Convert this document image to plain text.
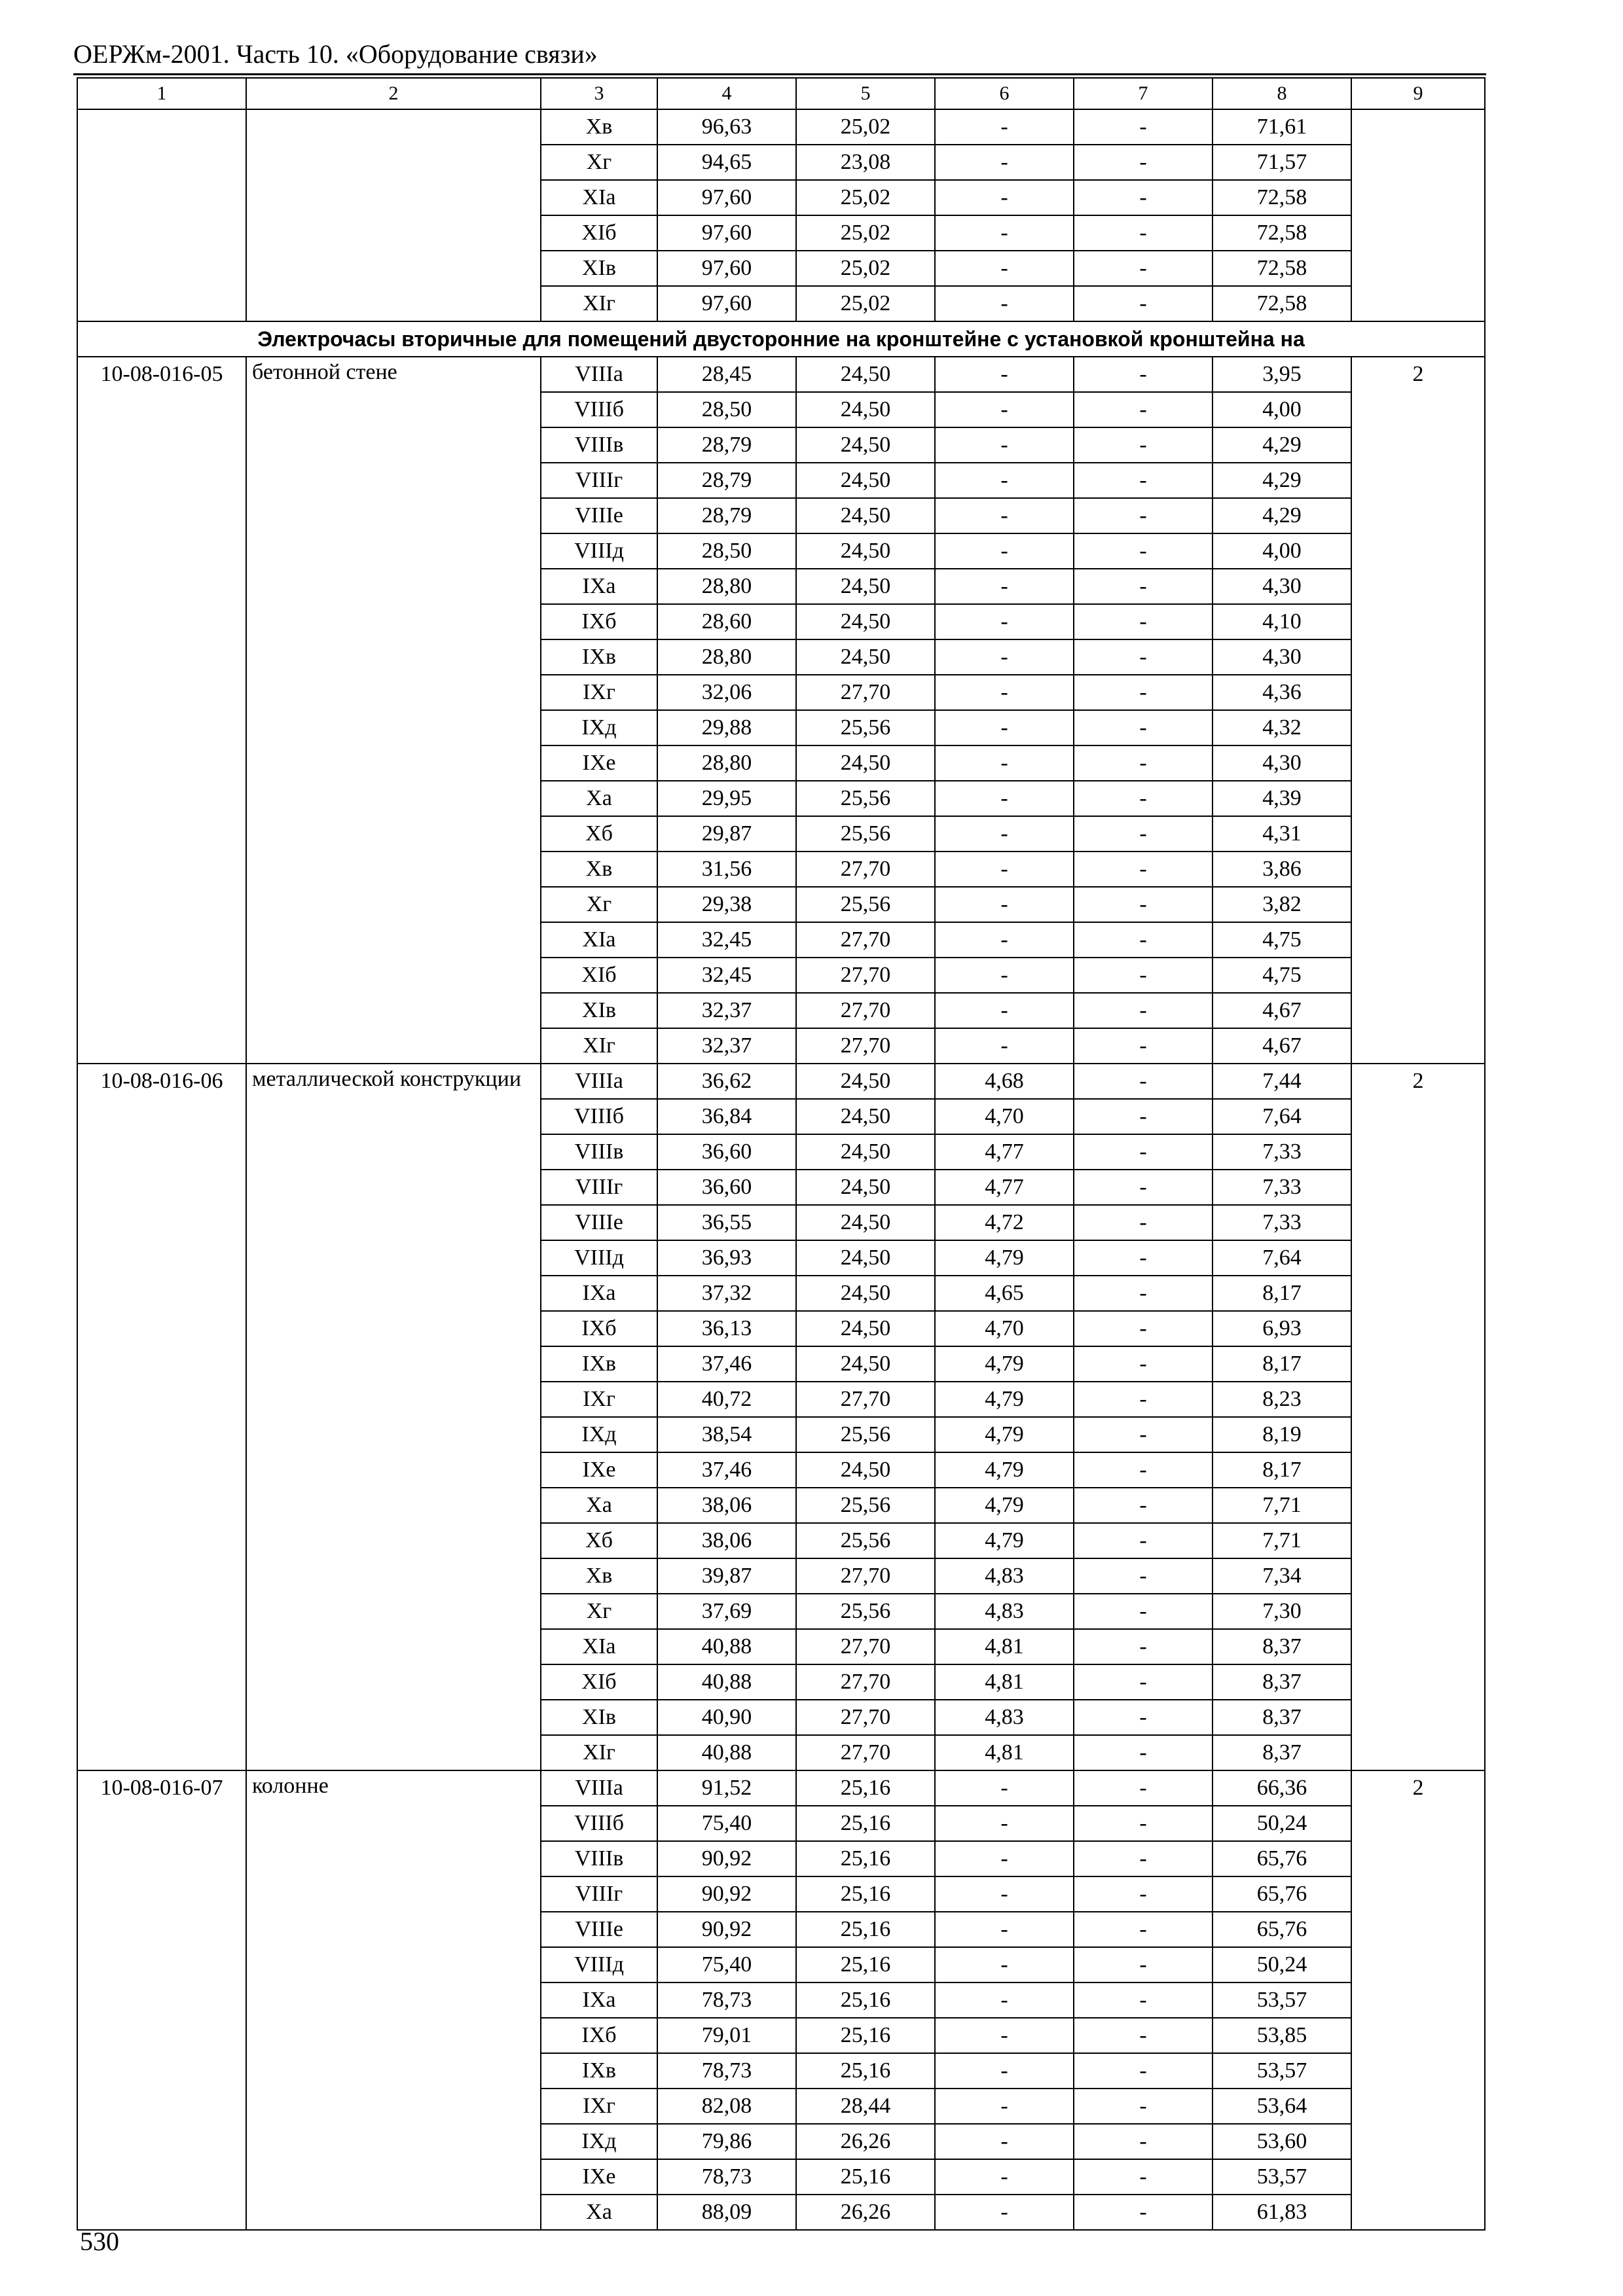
ОЕРЖм-2001. Часть 10. «Оборудование связи»
1	2	3	4	5	6	7	8	9
		Хв	96,63	25,02	-	-	71,61	
		Хг	94,65	23,08	-	-	71,57	
		ХIа	97,60	25,02	-	-	72,58	
		ХIб	97,60	25,02	-	-	72,58	
		ХIв	97,60	25,02	-	-	72,58	
		ХIг	97,60	25,02	-	-	72,58	
Электрочасы вторичные для помещений двусторонние на кронштейне с установкой кронштейна на								
10-08-016-05	бетонной стене	VIIIа	28,45	24,50	-	-	3,95	2
		VIIIб	28,50	24,50	-	-	4,00	
		VIIIв	28,79	24,50	-	-	4,29	
		VIIIг	28,79	24,50	-	-	4,29	
		VIIIе	28,79	24,50	-	-	4,29	
		VIIIд	28,50	24,50	-	-	4,00	
		IХа	28,80	24,50	-	-	4,30	
		IХб	28,60	24,50	-	-	4,10	
		IХв	28,80	24,50	-	-	4,30	
		IХг	32,06	27,70	-	-	4,36	
		IХд	29,88	25,56	-	-	4,32	
		IХе	28,80	24,50	-	-	4,30	
		Ха	29,95	25,56	-	-	4,39	
		Хб	29,87	25,56	-	-	4,31	
		Хв	31,56	27,70	-	-	3,86	
		Хг	29,38	25,56	-	-	3,82	
		ХIа	32,45	27,70	-	-	4,75	
		ХIб	32,45	27,70	-	-	4,75	
		ХIв	32,37	27,70	-	-	4,67	
		ХIг	32,37	27,70	-	-	4,67	
10-08-016-06	металлической конструкции	VIIIа	36,62	24,50	4,68	-	7,44	2
		VIIIб	36,84	24,50	4,70	-	7,64	
		VIIIв	36,60	24,50	4,77	-	7,33	
		VIIIг	36,60	24,50	4,77	-	7,33	
		VIIIе	36,55	24,50	4,72	-	7,33	
		VIIIд	36,93	24,50	4,79	-	7,64	
		IХа	37,32	24,50	4,65	-	8,17	
		IХб	36,13	24,50	4,70	-	6,93	
		IХв	37,46	24,50	4,79	-	8,17	
		IХг	40,72	27,70	4,79	-	8,23	
		IХд	38,54	25,56	4,79	-	8,19	
		IХе	37,46	24,50	4,79	-	8,17	
		Ха	38,06	25,56	4,79	-	7,71	
		Хб	38,06	25,56	4,79	-	7,71	
		Хв	39,87	27,70	4,83	-	7,34	
		Хг	37,69	25,56	4,83	-	7,30	
		ХIа	40,88	27,70	4,81	-	8,37	
		ХIб	40,88	27,70	4,81	-	8,37	
		ХIв	40,90	27,70	4,83	-	8,37	
		ХIг	40,88	27,70	4,81	-	8,37	
10-08-016-07	колонне	VIIIа	91,52	25,16	-	-	66,36	2
		VIIIб	75,40	25,16	-	-	50,24	
		VIIIв	90,92	25,16	-	-	65,76	
		VIIIг	90,92	25,16	-	-	65,76	
		VIIIе	90,92	25,16	-	-	65,76	
		VIIIд	75,40	25,16	-	-	50,24	
		IХа	78,73	25,16	-	-	53,57	
		IХб	79,01	25,16	-	-	53,85	
		IХв	78,73	25,16	-	-	53,57	
		IХг	82,08	28,44	-	-	53,64	
		IХд	79,86	26,26	-	-	53,60	
		IХе	78,73	25,16	-	-	53,57	
		Ха	88,09	26,26	-	-	61,83	
530
